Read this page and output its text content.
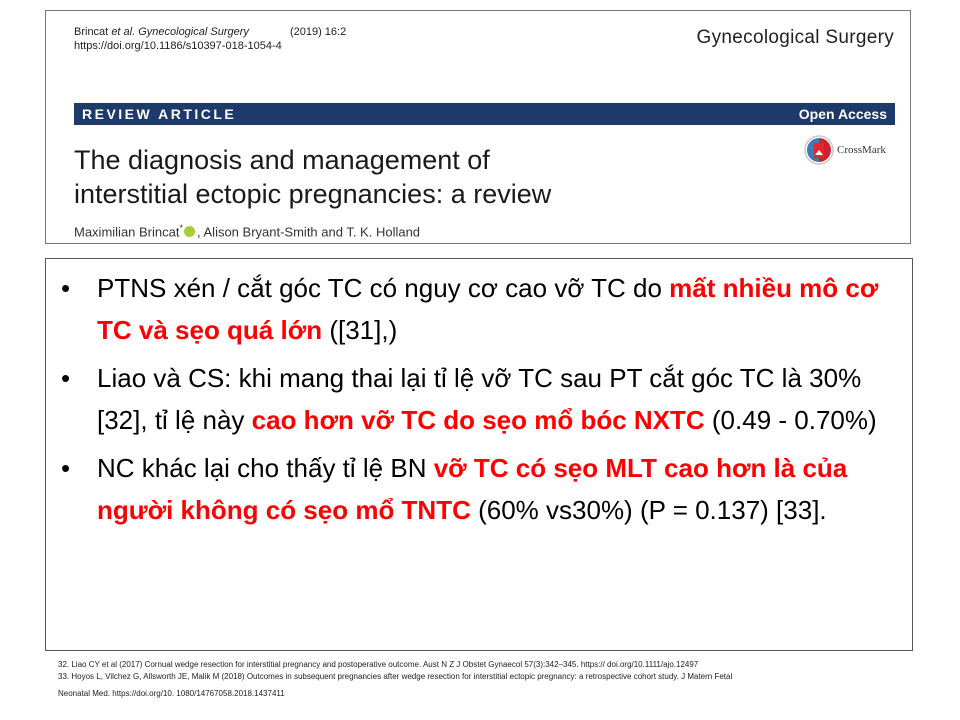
Brincat et al. Gynecological Surgery	(2019) 16:2
https://doi.org/10.1186/s10397-018-1054-4	Gynecological Surgery
REVIEW ARTICLE	Open Access
The diagnosis and management of
interstitial ectopic pregnancies: a review
CrossMark
Maximilian Brincat* , Alison Bryant-Smith and T. K. Holland
• PTNS xén / cắt góc TC có nguy cơ cao vỡ TC do mất nhiều mô cơ TC và sẹo quá lớn ([31],)
• Liao và CS: khi mang thai lại tỉ lệ vỡ TC sau PT cắt góc TC là 30% [32], tỉ lệ này cao hơn vỡ TC do sẹo mổ bóc NXTC (0.49 - 0.70%)
• NC khác lại cho thấy tỉ lệ BN vỡ TC có sẹo MLT cao hơn là của người không có sẹo mổ TNTC (60% vs30%) (P = 0.137) [33].
32. Liao CY et al (2017) Cornual wedge resection for interstitial pregnancy and postoperative outcome. Aust N Z J Obstet Gynaecol 57(3):342–345. https:// doi.org/10.1111/ajo.12497
33. Hoyos L, Vilchez G, Allsworth JE, Malik M (2018) Outcomes in subsequent pregnancies after wedge resection for interstitial ectopic pregnancy: a retrospective cohort study. J Matern Fetal
Neonatal Med. https://doi.org/10. 1080/14767058.2018.1437411
